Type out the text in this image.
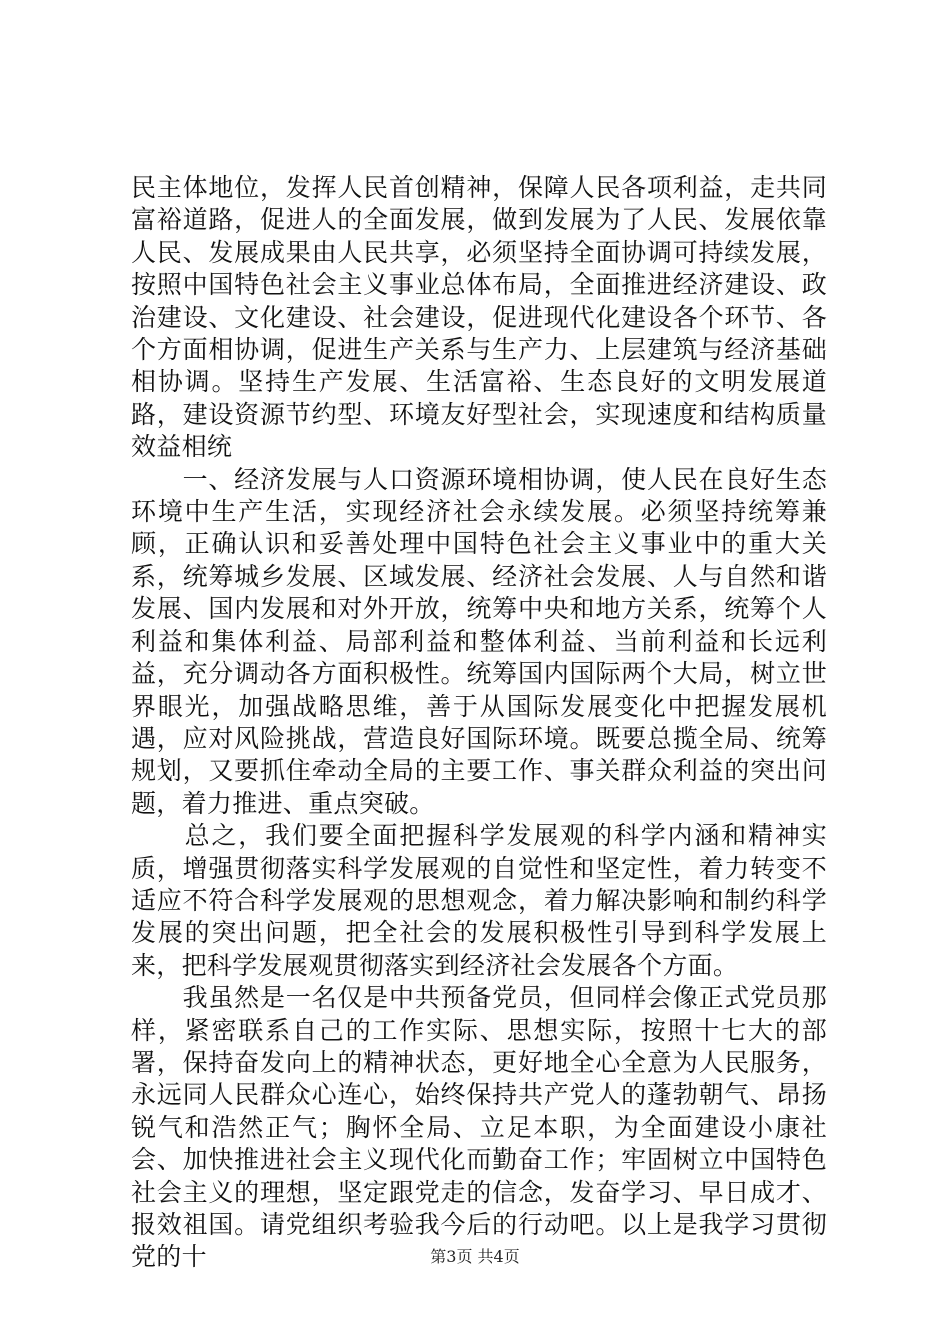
民主体地位，发挥人民首创精神，保障人民各项利益，走共同富裕道路，促进人的全面发展，做到发展为了人民、发展依靠人民、发展成果由人民共享，必须坚持全面协调可持续发展，按照中国特色社会主义事业总体布局，全面推进经济建设、政治建设、文化建设、社会建设，促进现代化建设各个环节、各个方面相协调，促进生产关系与生产力、上层建筑与经济基础相协调。坚持生产发展、生活富裕、生态良好的文明发展道路，建设资源节约型、环境友好型社会，实现速度和结构质量效益相统

　　一、经济发展与人口资源环境相协调，使人民在良好生态环境中生产生活，实现经济社会永续发展。必须坚持统筹兼顾，正确认识和妥善处理中国特色社会主义事业中的重大关系，统筹城乡发展、区域发展、经济社会发展、人与自然和谐发展、国内发展和对外开放，统筹中央和地方关系，统筹个人利益和集体利益、局部利益和整体利益、当前利益和长远利益，充分调动各方面积极性。统筹国内国际两个大局，树立世界眼光，加强战略思维，善于从国际发展变化中把握发展机遇，应对风险挑战，营造良好国际环境。既要总揽全局、统筹规划，又要抓住牵动全局的主要工作、事关群众利益的突出问题，着力推进、重点突破。

　　总之，我们要全面把握科学发展观的科学内涵和精神实质，增强贯彻落实科学发展观的自觉性和坚定性，着力转变不适应不符合科学发展观的思想观念，着力解决影响和制约科学发展的突出问题，把全社会的发展积极性引导到科学发展上来，把科学发展观贯彻落实到经济社会发展各个方面。

　　我虽然是一名仅是中共预备党员，但同样会像正式党员那样，紧密联系自己的工作实际、思想实际，按照十七大的部署，保持奋发向上的精神状态，更好地全心全意为人民服务，永远同人民群众心连心，始终保持共产党人的蓬勃朝气、昂扬锐气和浩然正气；胸怀全局、立足本职，为全面建设小康社会、加快推进社会主义现代化而勤奋工作；牢固树立中国特色社会主义的理想，坚定跟党走的信念，发奋学习、早日成才、报效祖国。请党组织考验我今后的行动吧。以上是我学习贯彻党的十	第3页 共4页
